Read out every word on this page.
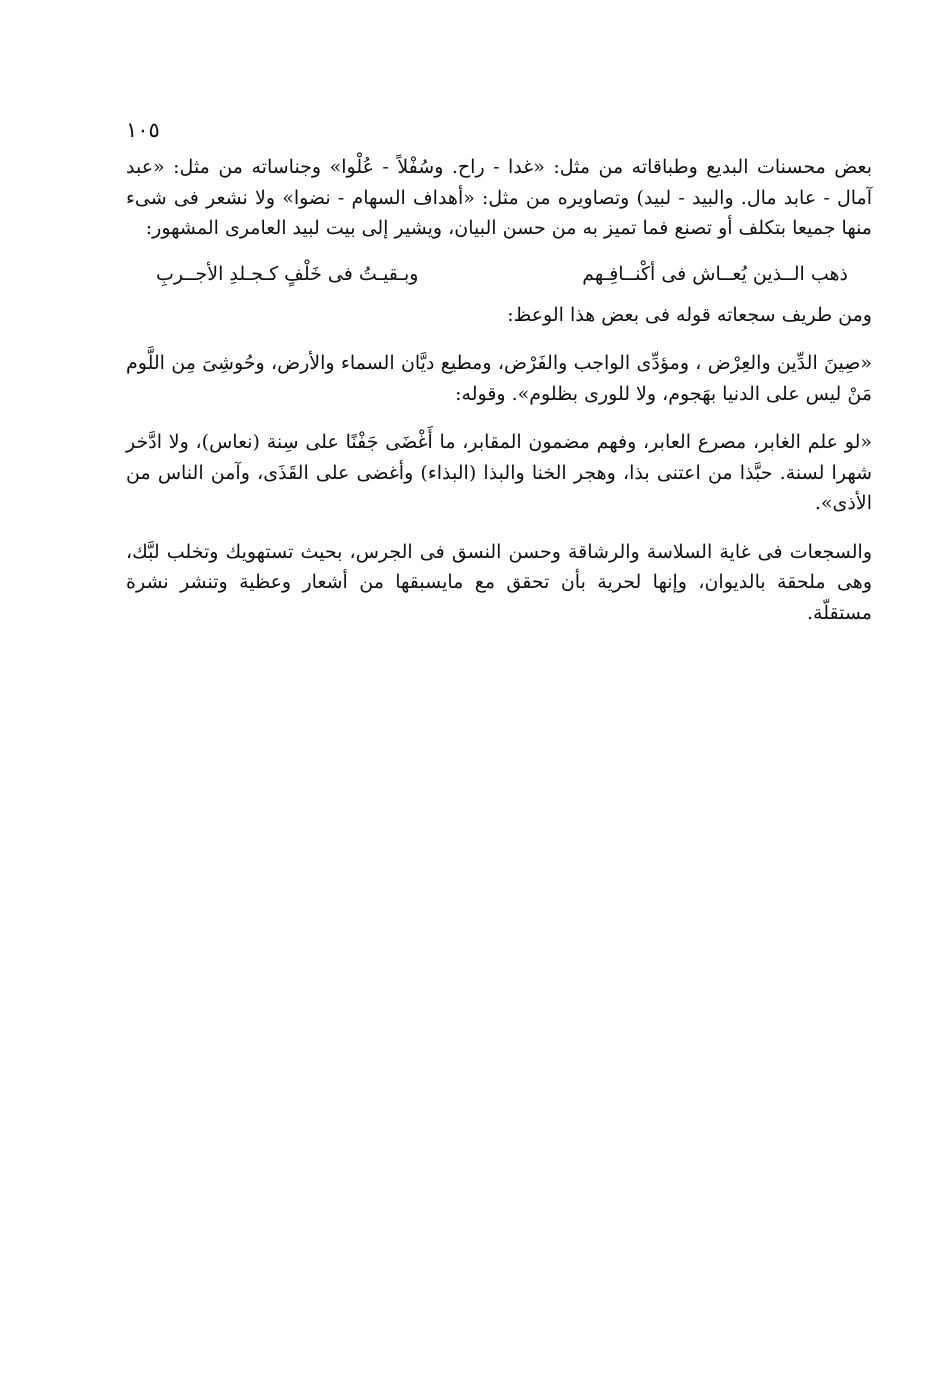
١٠٥

بعض محسنات البديع وطباقاته من مثل: «غدا - راح. وسُفْلاً - عُلْوا» وجناساته من مثل: «عبد آمال - عابد مال. والبيد - لبيد) وتصاويره من مثل: «أهداف السهام - نضوا» ولا نشعر فى شىء منها جميعا بتكلف أو تصنع فما تميز به من حسن البيان، ويشير إلى بيت لبيد العامرى المشهور:

ذهب الــذين يُعــاش فى أكْنــافِـهم
وبـقيـتُ فى خَلْفٍ كـجـلدِ الأجــربِ

ومن طريف سجعاته قوله فى بعض هذا الوعظ:

«صِينَ الدِّين والعِرْض ، ومؤدِّى الواجب والفَرْض، ومطيع ديَّان السماء والأرض، وحُوشِىَ مِن اللَّوم مَنْ ليس على الدنيا بهَجوم، ولا للورى بظلوم». وقوله:

«لو علم الغابر، مصرع العابر، وفهم مضمون المقابر، ما أَغْضَى جَفْنًا على سِنة (نعاس)، ولا ادَّخر شهرا لسنة. حبَّذا من اعتنى بذا، وهجر الخنا والبذا (البذاء) وأغضى على القَذَى، وآمن الناس من الأذى».

والسجعات فى غاية السلاسة والرشاقة وحسن النسق فى الجرس، بحيث تستهويك وتخلب لبَّك، وهى ملحقة بالديوان، وإنها لحرية بأن تحقق مع مايسبقها من أشعار وعظية وتنشر نشرة مستقلّة.
